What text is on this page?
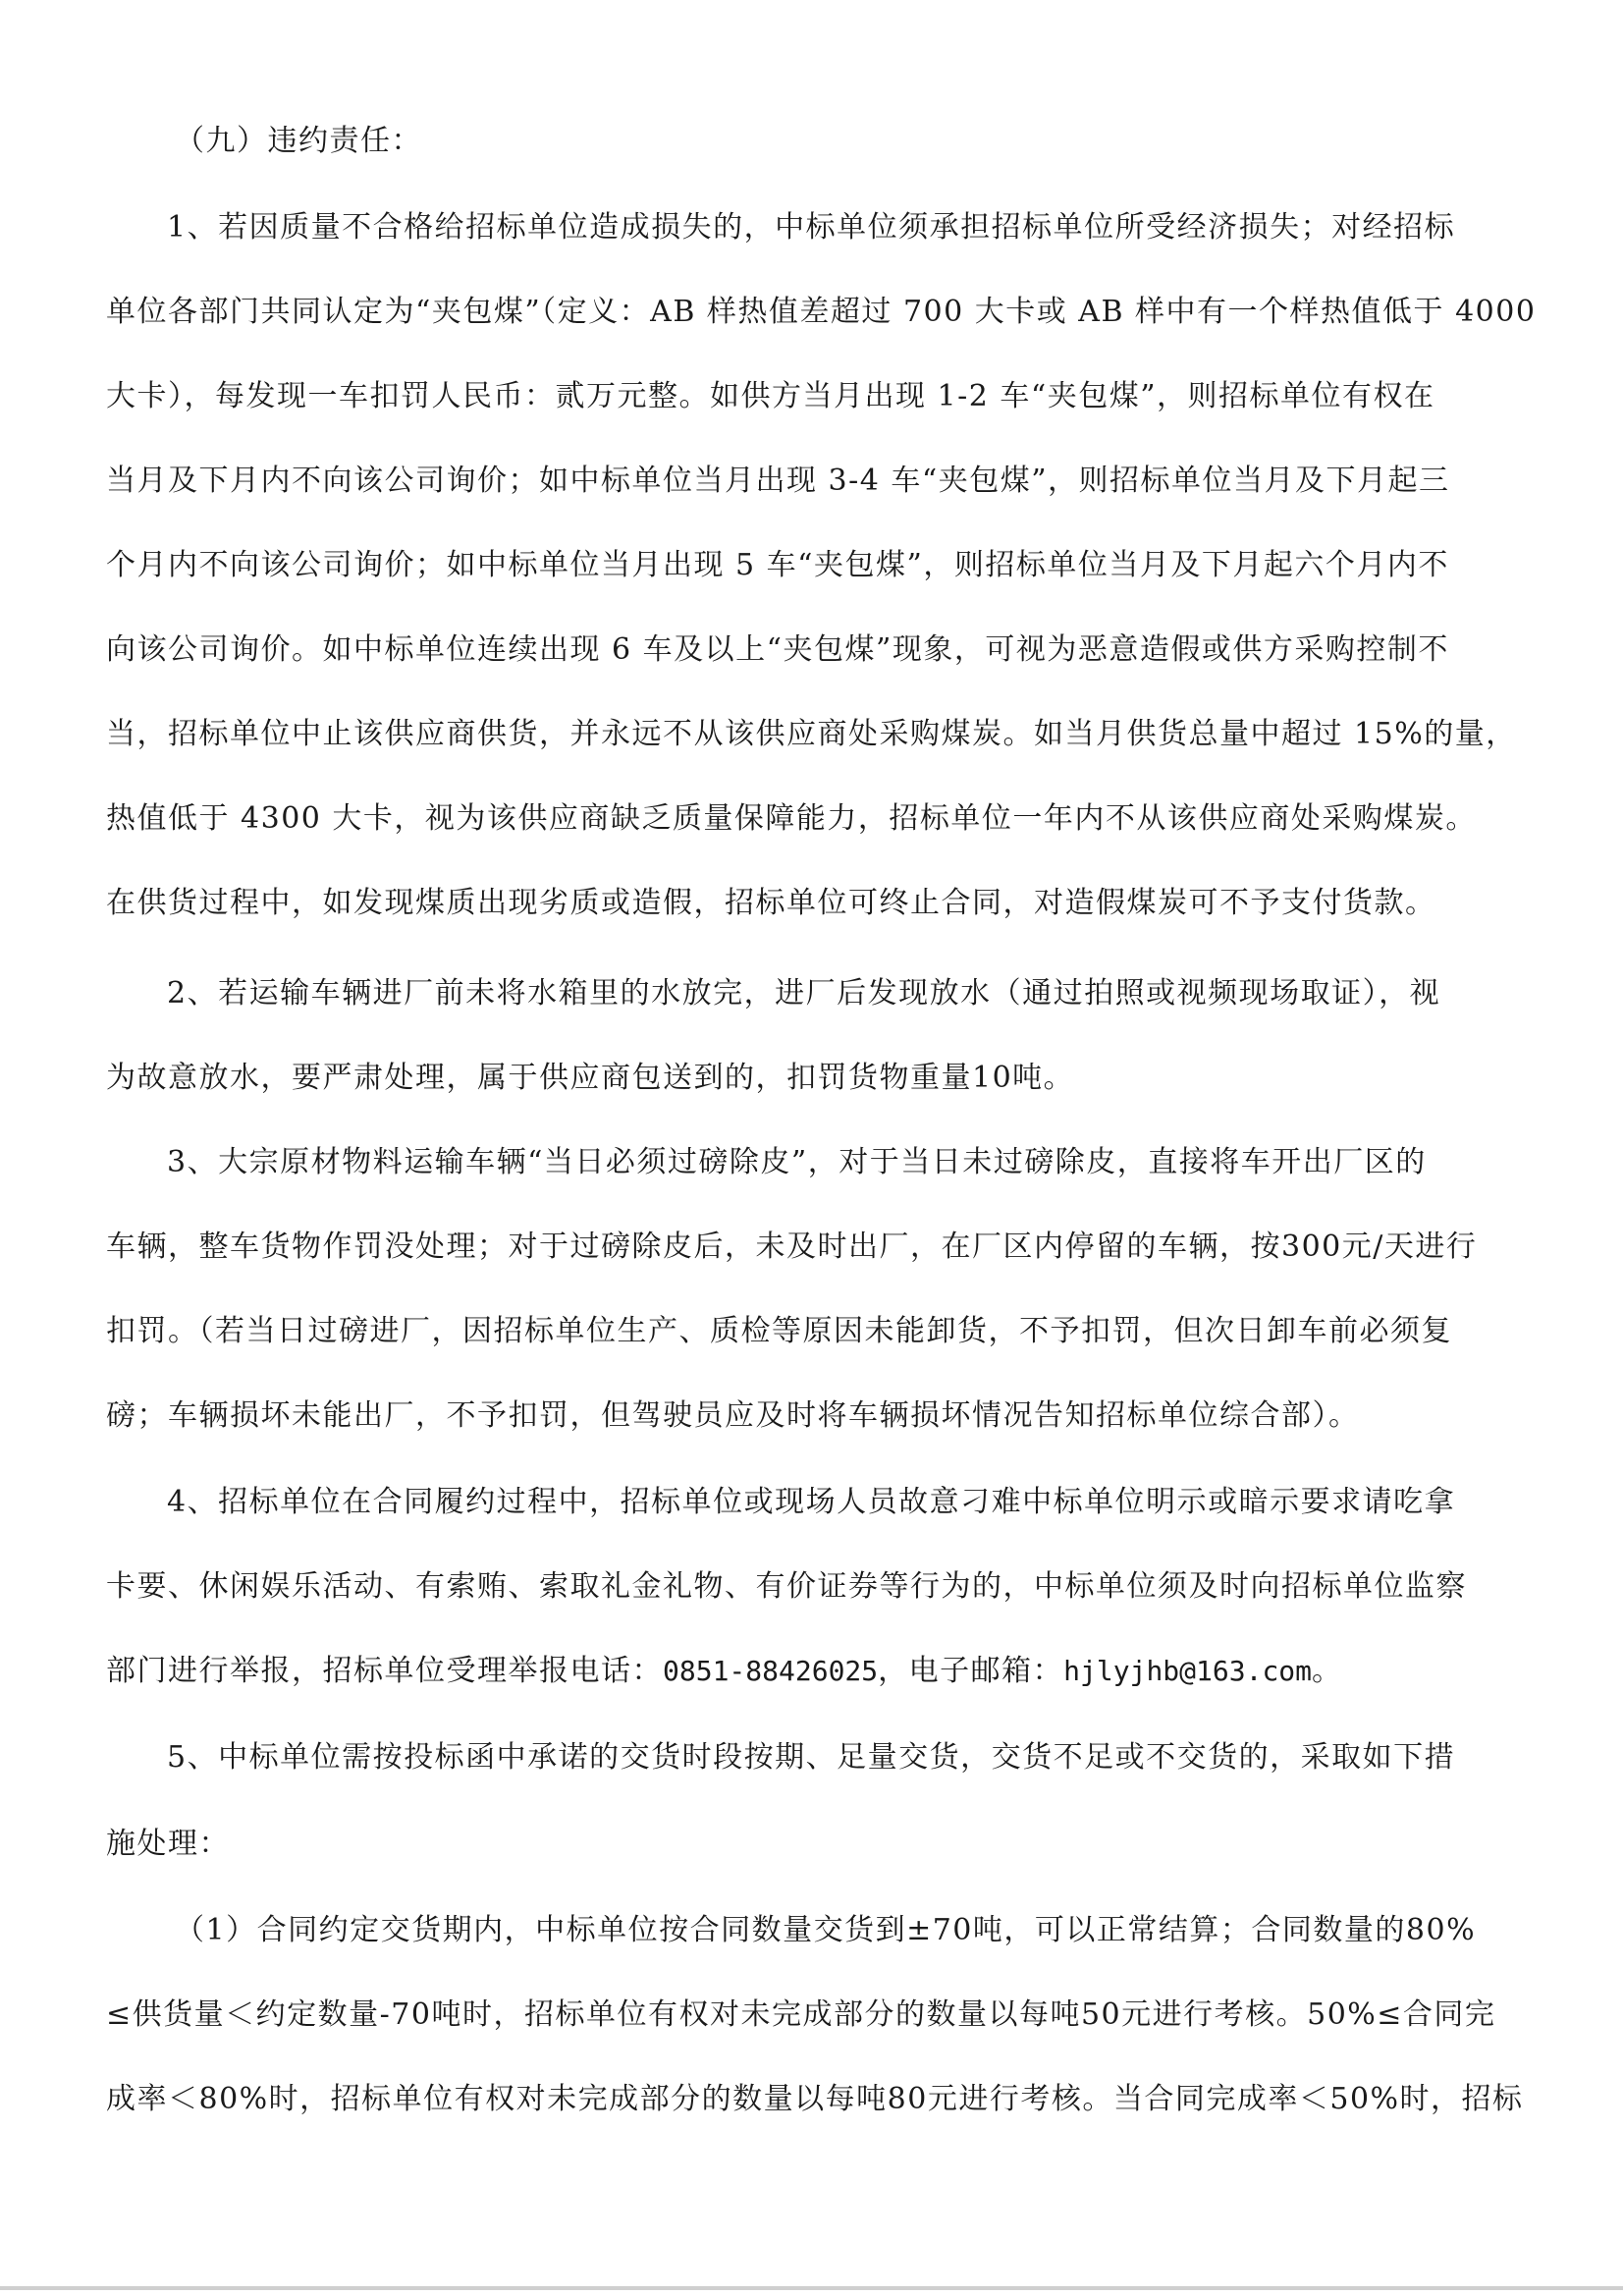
（九）违约责任：
1、若因质量不合格给招标单位造成损失的，中标单位须承担招标单位所受经济损失；对经招标
单位各部门共同认定为“夹包煤”（定义：AB 样热值差超过 700 大卡或 AB 样中有一个样热值低于 4000
大卡），每发现一车扣罚人民币：贰万元整。如供方当月出现 1-2 车“夹包煤”，则招标单位有权在
当月及下月内不向该公司询价；如中标单位当月出现 3-4 车“夹包煤”，则招标单位当月及下月起三
个月内不向该公司询价；如中标单位当月出现 5 车“夹包煤”，则招标单位当月及下月起六个月内不
向该公司询价。如中标单位连续出现 6 车及以上“夹包煤”现象，可视为恶意造假或供方采购控制不
当，招标单位中止该供应商供货，并永远不从该供应商处采购煤炭。如当月供货总量中超过 15%的量，
热值低于 4300 大卡，视为该供应商缺乏质量保障能力，招标单位一年内不从该供应商处采购煤炭。
在供货过程中，如发现煤质出现劣质或造假，招标单位可终止合同，对造假煤炭可不予支付货款。
2、若运输车辆进厂前未将水箱里的水放完，进厂后发现放水（通过拍照或视频现场取证），视
为故意放水，要严肃处理，属于供应商包送到的，扣罚货物重量10吨。
3、大宗原材物料运输车辆“当日必须过磅除皮”，对于当日未过磅除皮，直接将车开出厂区的
车辆，整车货物作罚没处理；对于过磅除皮后，未及时出厂，在厂区内停留的车辆，按300元/天进行
扣罚。（若当日过磅进厂，因招标单位生产、质检等原因未能卸货，不予扣罚，但次日卸车前必须复
磅；车辆损坏未能出厂，不予扣罚，但驾驶员应及时将车辆损坏情况告知招标单位综合部）。
4、招标单位在合同履约过程中，招标单位或现场人员故意刁难中标单位明示或暗示要求请吃拿
卡要、休闲娱乐活动、有索贿、索取礼金礼物、有价证券等行为的，中标单位须及时向招标单位监察
部门进行举报，招标单位受理举报电话：0851-88426025，电子邮箱：hjlyjhb@163.com。
5、中标单位需按投标函中承诺的交货时段按期、足量交货，交货不足或不交货的，采取如下措
施处理：
（1）合同约定交货期内，中标单位按合同数量交货到±70吨，可以正常结算；合同数量的80%
≤供货量＜约定数量-70吨时，招标单位有权对未完成部分的数量以每吨50元进行考核。50%≤合同完
成率＜80%时，招标单位有权对未完成部分的数量以每吨80元进行考核。当合同完成率＜50%时，招标
